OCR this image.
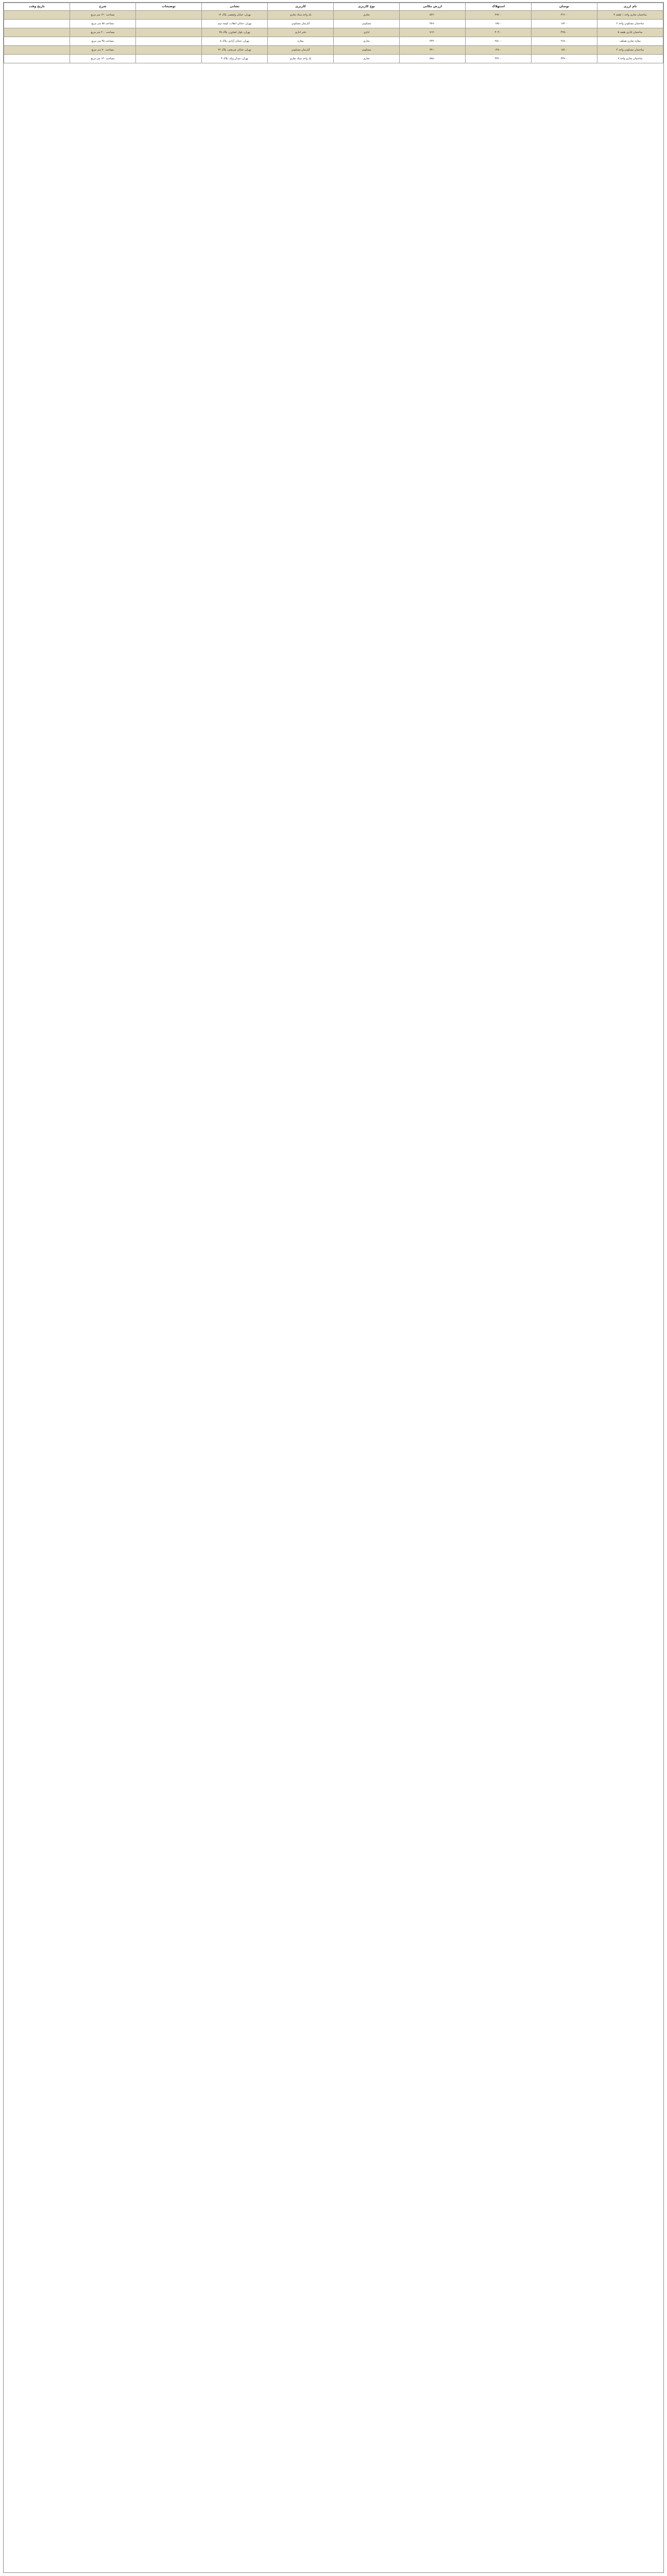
نام ارزی	نوسان	استهلاک	ارزش مکانی	نوع کاربری	کاربری	نشانی	توضیحات	شرح	تاریخ وقت
ساختمان تجاری واحد ۱ طبقه ۳	۳۱۲۰۰	۲۹۷۰۰	۵۶۲۰	تجاری	یک واحد ستاد تجاری	تهران، خیابان ولیعصر، پلاک ۱۲		مساحت ۱۲۰ متر مربع	
ساختمان مسکونی واحد ۲	۱۸۴۰۰	۱۷۵۰۰	۳۸۹۰	مسکونی	آپارتمان مسکونی	تهران، خیابان انقلاب، کوچه دوم		مساحت ۸۵ متر مربع	
ساختمان اداری طبقه ۵	۴۲۵۰۰	۴۰۳۰۰	۷۱۲۰	اداری	دفتر اداری	تهران، بلوار کشاورز، پلاک ۴۵		مساحت ۲۰۰ متر مربع	
مغازه تجاری همکف	۲۶۸۰۰	۲۵۱۰۰	۴۴۳۰	تجاری	مغازه	تهران، خیابان آزادی، پلاک ۸		مساحت ۴۵ متر مربع	
ساختمان مسکونی واحد ۴	۱۵۶۰۰	۱۴۸۰۰	۳۲۱۰	مسکونی	آپارتمان مسکونی	تهران، خیابان شریعتی، پلاک ۲۲		مساحت ۷۰ متر مربع	
ساختمان تجاری واحد ۷	۳۳۹۰۰	۳۲۲۰۰	۵۹۸۰	تجاری	یک واحد ستاد تجاری	تهران، میدان ونک، پلاک ۳		مساحت ۱۳۰ متر مربع	
